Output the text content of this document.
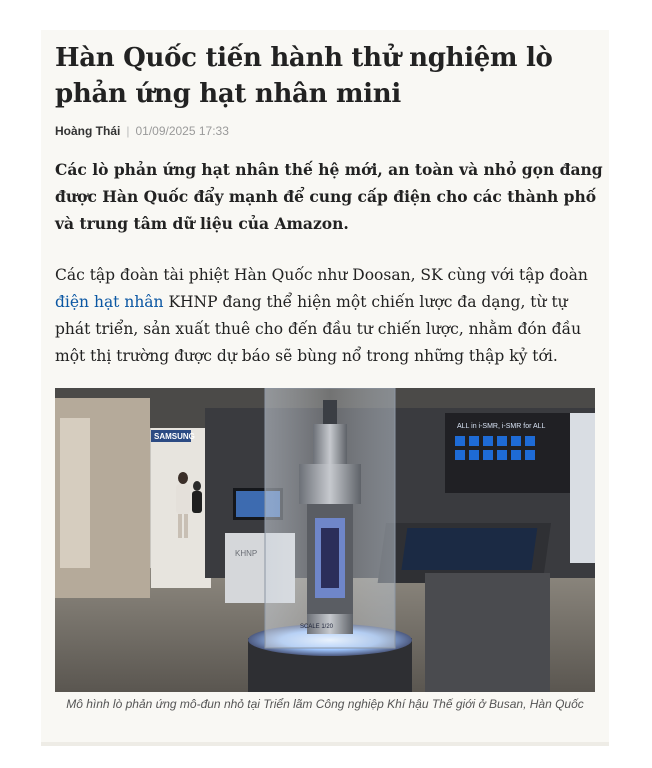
Hàn Quốc tiến hành thử nghiệm lò phản ứng hạt nhân mini
Hoàng Thái | 01/09/2025 17:33

Các lò phản ứng hạt nhân thế hệ mới, an toàn và nhỏ gọn đang được Hàn Quốc đẩy mạnh để cung cấp điện cho các thành phố và trung tâm dữ liệu của Amazon.

Các tập đoàn tài phiệt Hàn Quốc như Doosan, SK cùng với tập đoàn điện hạt nhân KHNP đang thể hiện một chiến lược đa dạng, từ tự phát triển, sản xuất thuê cho đến đầu tư chiến lược, nhằm đón đầu một thị trường được dự báo sẽ bùng nổ trong những thập kỷ tới.

SAMSUNG
ALL in i-SMR, i-SMR for ALL
KHNP
SCALE 1/20

Mô hình lò phản ứng mô-đun nhỏ tại Triển lãm Công nghiệp Khí hậu Thế giới ở Busan, Hàn Quốc
